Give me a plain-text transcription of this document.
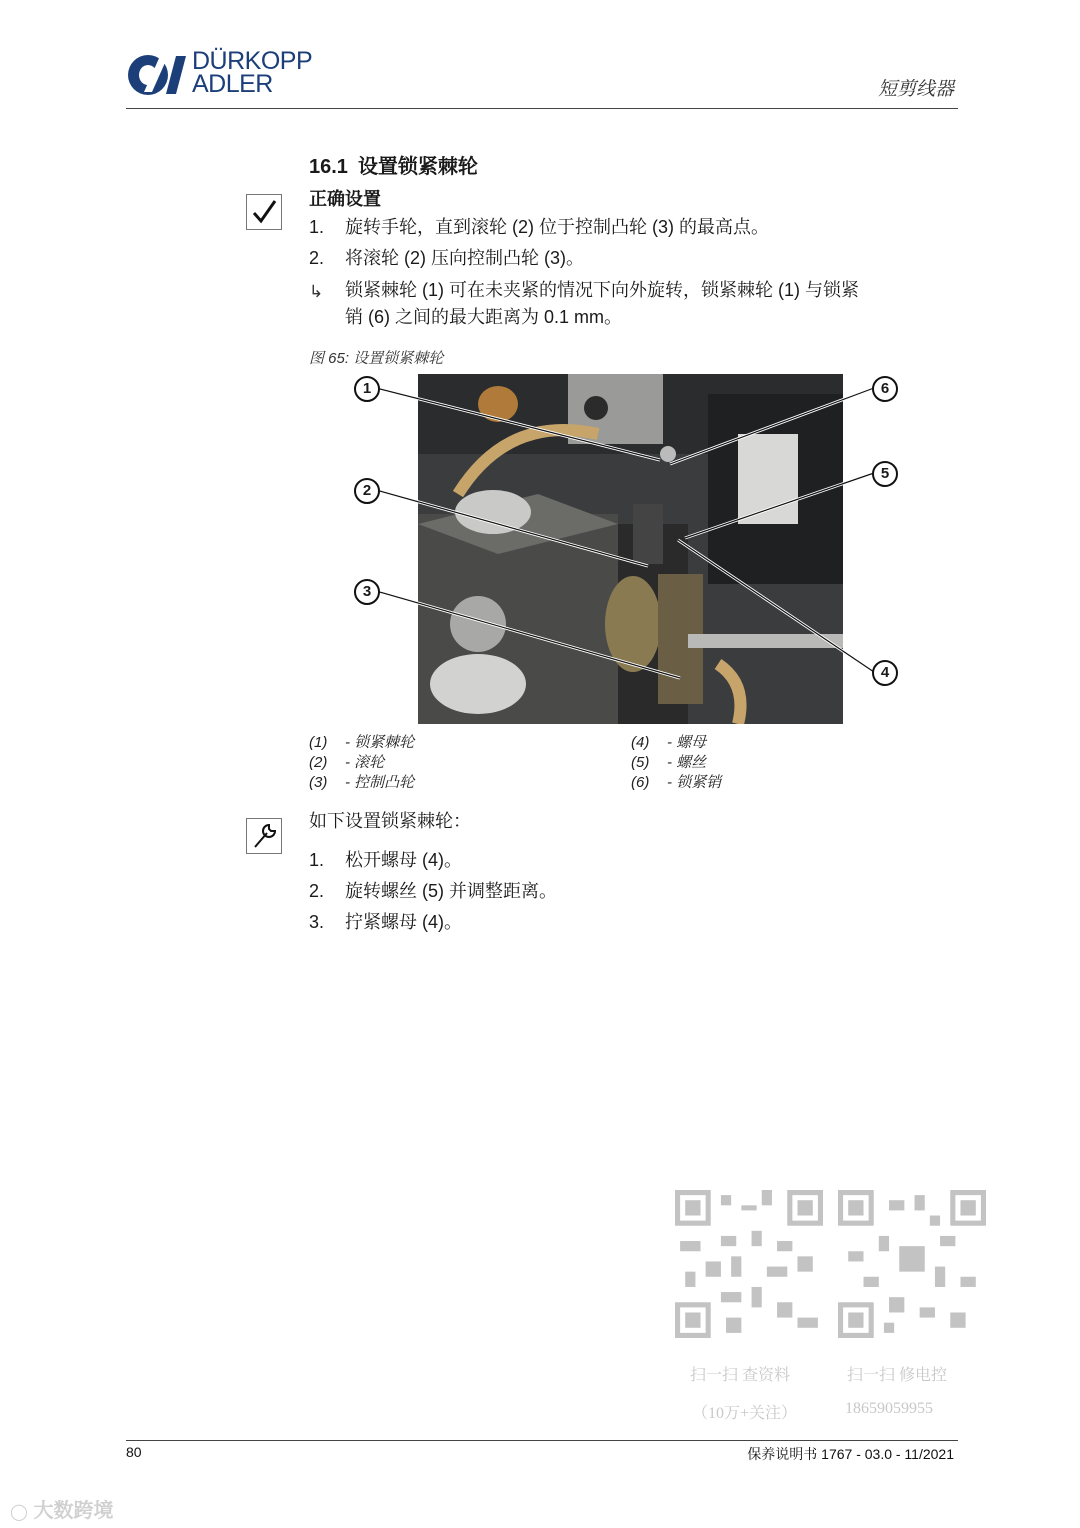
DÜRKOPP
ADLER	短剪线器
16.1 设置锁紧棘轮
正确设置
1. 旋转手轮，直到滚轮 (2) 位于控制凸轮 (3) 的最高点。
2. 将滚轮 (2) 压向控制凸轮 (3)。
↳ 锁紧棘轮 (1) 可在未夹紧的情况下向外旋转，锁紧棘轮 (1) 与锁紧
销 (6) 之间的最大距离为 0.1 mm。
图 65: 设置锁紧棘轮
1
2
3
4
5
6
(1) - 锁紧棘轮
(2) - 滚轮
(3) - 控制凸轮
(4) - 螺母
(5) - 螺丝
(6) - 锁紧销
如下设置锁紧棘轮：
1. 松开螺母 (4)。
2. 旋转螺丝 (5) 并调整距离。
3. 拧紧螺母 (4)。
扫一扫 查资料
（10万+关注）
扫一扫 修电控
18659059955
80	保养说明书 1767 - 03.0 - 11/2021
◯ 大数跨境
